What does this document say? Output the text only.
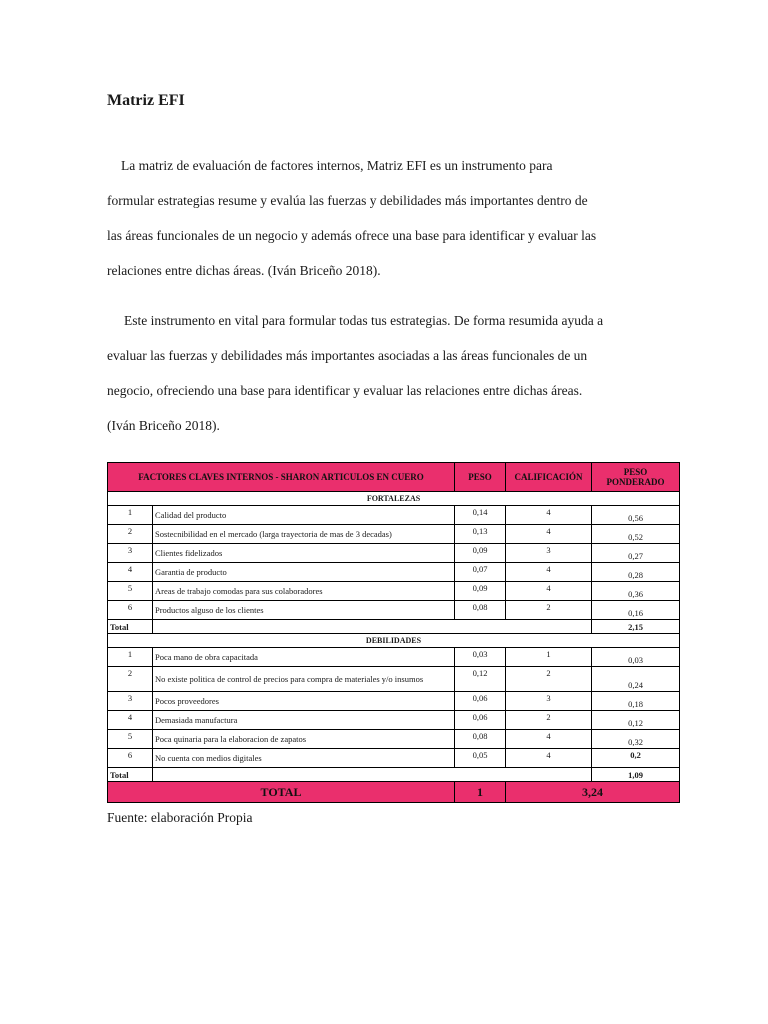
Matriz EFI
La matriz de evaluación de factores internos, Matriz EFI es un instrumento para
formular estrategias resume y evalúa las fuerzas y debilidades más importantes dentro de
las áreas funcionales de un negocio y además ofrece una base para identificar y evaluar las
relaciones entre dichas áreas. (Iván Briceño 2018).
Este instrumento en vital para formular todas tus estrategias. De forma resumida ayuda a
evaluar las fuerzas y debilidades más importantes asociadas a las áreas funcionales de un
negocio, ofreciendo una base para identificar y evaluar las relaciones entre dichas áreas.
(Iván Briceño 2018).
FACTORES CLAVES INTERNOS - SHARON ARTICULOS EN CUERO		PESO	CALIFICACIÓN	PESO PONDERADO
FORTALEZAS				
1	Calidad del producto	0,14	4	0,56
2	Sostecnibilidad en el mercado (larga trayectoria de mas de 3 decadas)	0,13	4	0,52
3	Clientes fidelizados	0,09	3	0,27
4	Garantia de producto	0,07	4	0,28
5	Areas de trabajo comodas para sus colaboradores	0,09	4	0,36
6	Productos alguso de los clientes	0,08	2	0,16
Total				2,15
DEBILIDADES				
1	Poca mano de obra capacitada	0,03	1	0,03
2	No existe politica de control de precios para compra de materiales y/o insumos	0,12	2	0,24
3	Pocos proveedores	0,06	3	0,18
4	Demasiada manufactura	0,06	2	0,12
5	Poca quinaria para la elaboracion de zapatos	0,08	4	0,32
6	No cuenta con medios digitales	0,05	4	0,2
Total				1,09
TOTAL		1	3,24	

Fuente: elaboración Propia
